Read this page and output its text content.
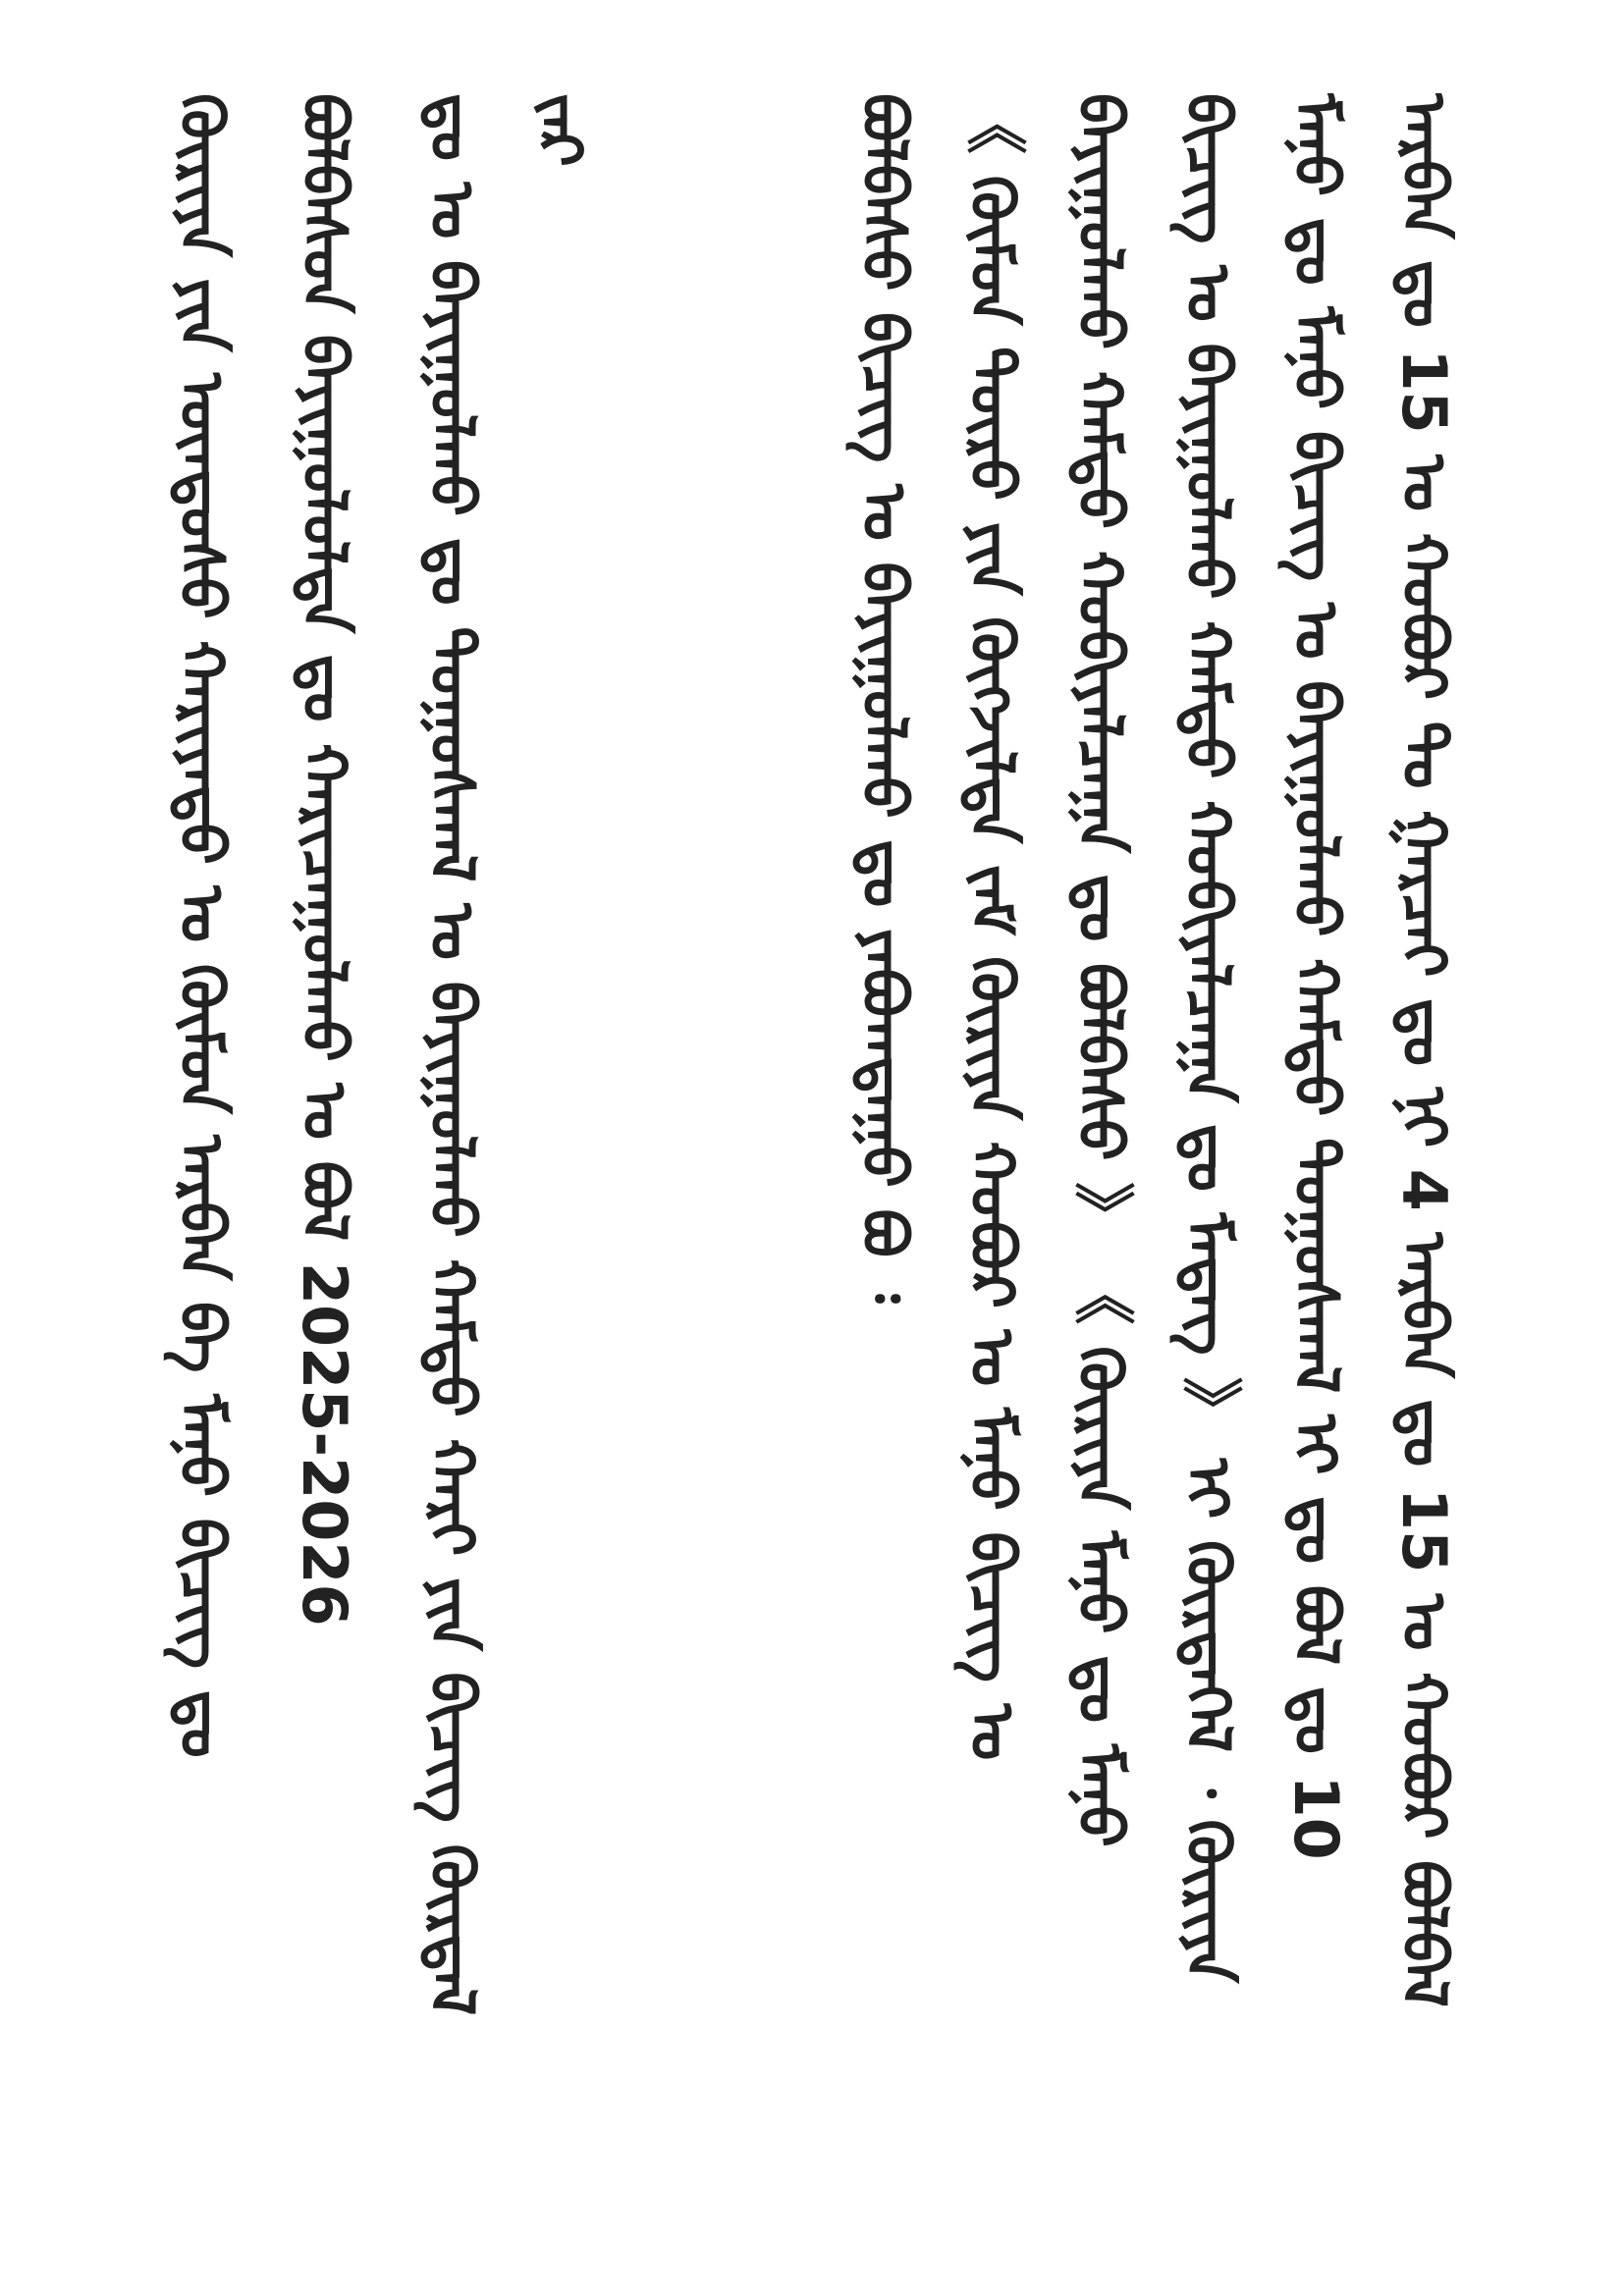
ᠠᠷᠪᠠᠨ ᠳᠤ 15 ᠤ ᠬᠣᠪᠣᠷ ᠲᠤ ᠭᠠᠷᠴᠠᠢ ᠳᠤ ᠨᠢ 4 ᠠᠷᠪᠠᠨ ᠳᠤ 15 ᠤ ᠬᠣᠪᠣᠷ ᠪᠣᠯᠪᠠᠯ
ᠮᠠᠨᠤ ᠳᠤ ᠮᠠᠨᠤ ᠪᠢᠴᠢᠭ ᠤ ᠪᠠᠶᠢᠭᠤᠯᠬᠤ ᠬᠠᠮᠲᠤ ᠲᠤᠭᠤᠰᠬᠠᠯ ᠢ ᠳᠤ ᠪᠣᠯ ᠳᠤ 10
ᠪᠢᠴᠢᠭ ᠤ ᠪᠠᠶᠢᠭᠤᠯᠬᠤ ᠬᠠᠮᠲᠤ ᠬᠤᠪᠢᠶᠠᠯᠴᠠᠭᠠ ᠳᠤ ᠮᠡᠳᠡᠭ 》 ᠢ ᠬᠦᠷᠲᠡᠭᠡᠯ ᠂ ᠬᠦᠷᠢᠶᠡ
ᠪᠠᠶᠢᠭᠤᠯᠬᠤ ᠬᠠᠮᠲᠤ ᠬᠤᠪᠢᠶᠠᠯᠴᠠᠭᠠ ᠳᠤ ᠪᠣᠯᠪᠠᠰᠤ 》 《 ᠬᠦᠷᠢᠶᠡ ᠮᠠᠨᠤ ᠳᠤ ᠮᠠᠨᠤ
《 ᠬᠦᠮᠦᠨ ᠲᠦᠷᠦ ᠶᠢᠨ ᠬᠦᠭᠵᠢᠯᠲᠡ ᠵᠠᠮ ᠬᠦᠷᠢᠶᠡ ᠬᠣᠪᠣᠷ ᠤ ᠮᠠᠨᠤ ᠪᠢᠴᠢᠭ ᠤ
ᠪᠣᠯᠪᠠᠰᠤ ᠪᠢᠴᠢᠭ ᠤ ᠪᠠᠶᠢᠭᠤᠯᠬᠤ ᠳᠤ ᠶᠠᠪᠤᠭᠳᠠᠭᠤ ᠪᠣ ᠄
ᠵᠠᠷ
ᠳᠤ ᠤ ᠪᠠᠶᠢᠭᠤᠯᠬᠤ ᠳᠤ ᠲᠤᠭᠤᠰᠬᠠᠯ ᠤ ᠪᠠᠶᠢᠭᠤᠯᠬᠤ ᠬᠠᠮᠲᠤ ᠬᠠᠷᠢ ᠶᠢᠨ ᠪᠢᠴᠢᠭ ᠬᠦᠷᠲᠡᠯ
ᠪᠣᠯᠪᠠᠰᠤᠨ ᠪᠠᠶᠢᠭᠤᠯᠤᠯᠲᠠ ᠳᠤ ᠬᠠᠷᠢᠴᠠᠭᠤᠯᠬᠤ ᠤ ᠪᠣᠯ 2025-2026
ᠬᠦᠷᠢᠶᠡ ᠶᠢᠨ ᠦᠨᠳᠦᠰᠦ ᠬᠠᠷᠢᠶᠠᠲᠤ ᠤ ᠬᠦᠮᠦᠨ ᠠᠷᠪᠠᠨ ᠪᠠ ᠮᠠᠨᠤ ᠪᠢᠴᠢᠭ ᠳᠤ
